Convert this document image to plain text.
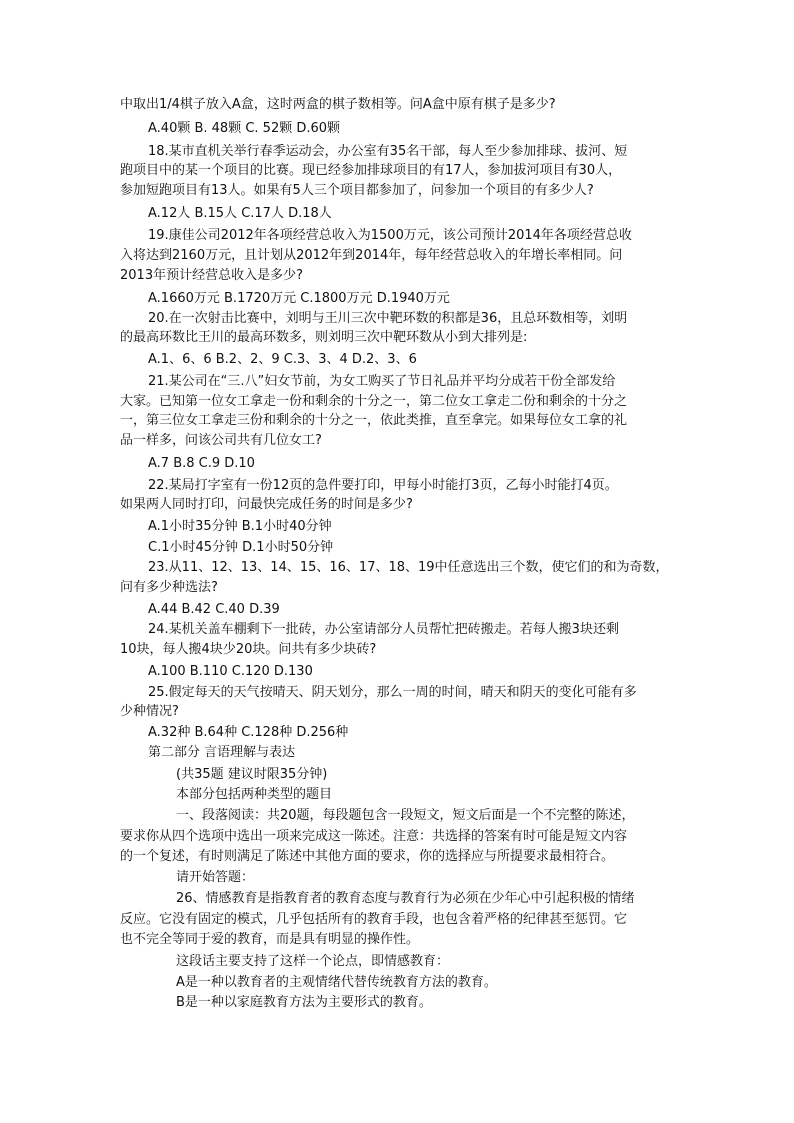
中取出1/4棋子放入A盒，这时两盒的棋子数相等。问A盒中原有棋子是多少?
A.40颗 B. 48颗 C. 52颗 D.60颗
18.某市直机关举行春季运动会，办公室有35名干部，每人至少参加排球、拔河、短
跑项目中的某一个项目的比赛。现已经参加排球项目的有17人，参加拔河项目有30人，
参加短跑项目有13人。如果有5人三个项目都参加了，问参加一个项目的有多少人?
A.12人 B.15人 C.17人 D.18人
19.康佳公司2012年各项经营总收入为1500万元，该公司预计2014年各项经营总收
入将达到2160万元，且计划从2012年到2014年，每年经营总收入的年增长率相同。问
2013年预计经营总收入是多少?
A.1660万元 B.1720万元 C.1800万元 D.1940万元
20.在一次射击比赛中，刘明与王川三次中靶环数的积都是36，且总环数相等，刘明
的最高环数比王川的最高环数多，则刘明三次中靶环数从小到大排列是:
A.1、6、6 B.2、2、9 C.3、3、4 D.2、3、6
21.某公司在“三.八”妇女节前，为女工购买了节日礼品并平均分成若干份全部发给
大家。已知第一位女工拿走一份和剩余的十分之一，第二位女工拿走二份和剩余的十分之
一，第三位女工拿走三份和剩余的十分之一，依此类推，直至拿完。如果每位女工拿的礼
品一样多，问该公司共有几位女工?
A.7 B.8 C.9 D.10
22.某局打字室有一份12页的急件要打印，甲每小时能打3页，乙每小时能打4页。
如果两人同时打印，问最快完成任务的时间是多少?
A.1小时35分钟 B.1小时40分钟
C.1小时45分钟 D.1小时50分钟
23.从11、12、13、14、15、16、17、18、19中任意选出三个数，使它们的和为奇数，
问有多少种选法?
A.44 B.42 C.40 D.39
24.某机关盖车棚剩下一批砖，办公室请部分人员帮忙把砖搬走。若每人搬3块还剩
10块，每人搬4块少20块。问共有多少块砖?
A.100 B.110 C.120 D.130
25.假定每天的天气按晴天、阴天划分，那么一周的时间，晴天和阴天的变化可能有多
少种情况?
A.32种 B.64种 C.128种 D.256种
第二部分 言语理解与表达
(共35题 建议时限35分钟)
本部分包括两种类型的题目
一、段落阅读：共20题，每段题包含一段短文，短文后面是一个不完整的陈述，
要求你从四个选项中选出一项来完成这一陈述。注意：共选择的答案有时可能是短文内容
的一个复述，有时则满足了陈述中其他方面的要求，你的选择应与所提要求最相符合。
请开始答题：
26、情感教育是指教育者的教育态度与教育行为必须在少年心中引起积极的情绪
反应。它没有固定的模式，几乎包括所有的教育手段，也包含着严格的纪律甚至惩罚。它
也不完全等同于爱的教育，而是具有明显的操作性。
这段话主要支持了这样一个论点，即情感教育：
A是一种以教育者的主观情绪代替传统教育方法的教育。
B是一种以家庭教育方法为主要形式的教育。
